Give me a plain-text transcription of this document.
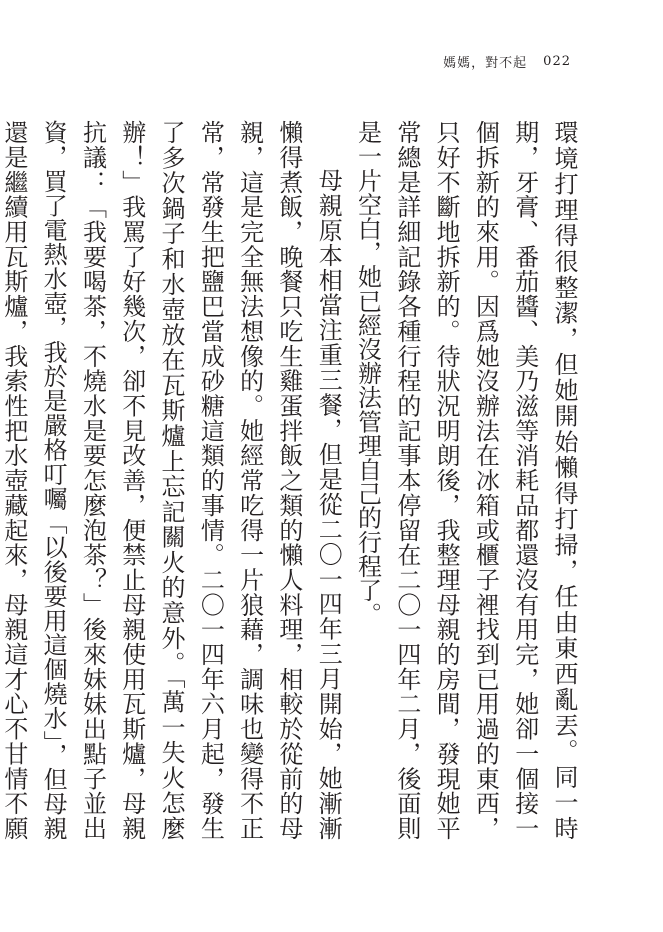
媽媽，對不起 022

環境打理得很整潔，但她開始懶得打掃，任由東西亂丟。同一時期，牙膏、番茄醬、美乃滋等消耗品都還沒有用完，她卻一個接一個拆新的來用。因爲她沒辦法在冰箱或櫃子裡找到已用過的東西，只好不斷地拆新的。待狀況明朗後，我整理母親的房間，發現她平常總是詳細記錄各種行程的記事本停留在二〇一四年二月，後面則是一片空白，她已經沒辦法管理自己的行程了。

母親原本相當注重三餐，但是從二〇一四年三月開始，她漸漸懶得煮飯，晚餐只吃生雞蛋拌飯之類的懶人料理，相較於從前的母親，這是完全無法想像的。她經常吃得一片狼藉，調味也變得不正常，常發生把鹽巴當成砂糖這類的事情。二〇一四年六月起，發生了多次鍋子和水壺放在瓦斯爐上忘記關火的意外。「萬一失火怎麼辦！」我罵了好幾次，卻不見改善，便禁止母親使用瓦斯爐，母親抗議：「我要喝茶，不燒水是要怎麼泡茶？」後來妹妹出點子並出資，買了電熱水壺，我於是嚴格叮囑「以後要用這個燒水」，但母親還是繼續用瓦斯爐，我索性把水壺藏起來，母親這才心不甘情不願
